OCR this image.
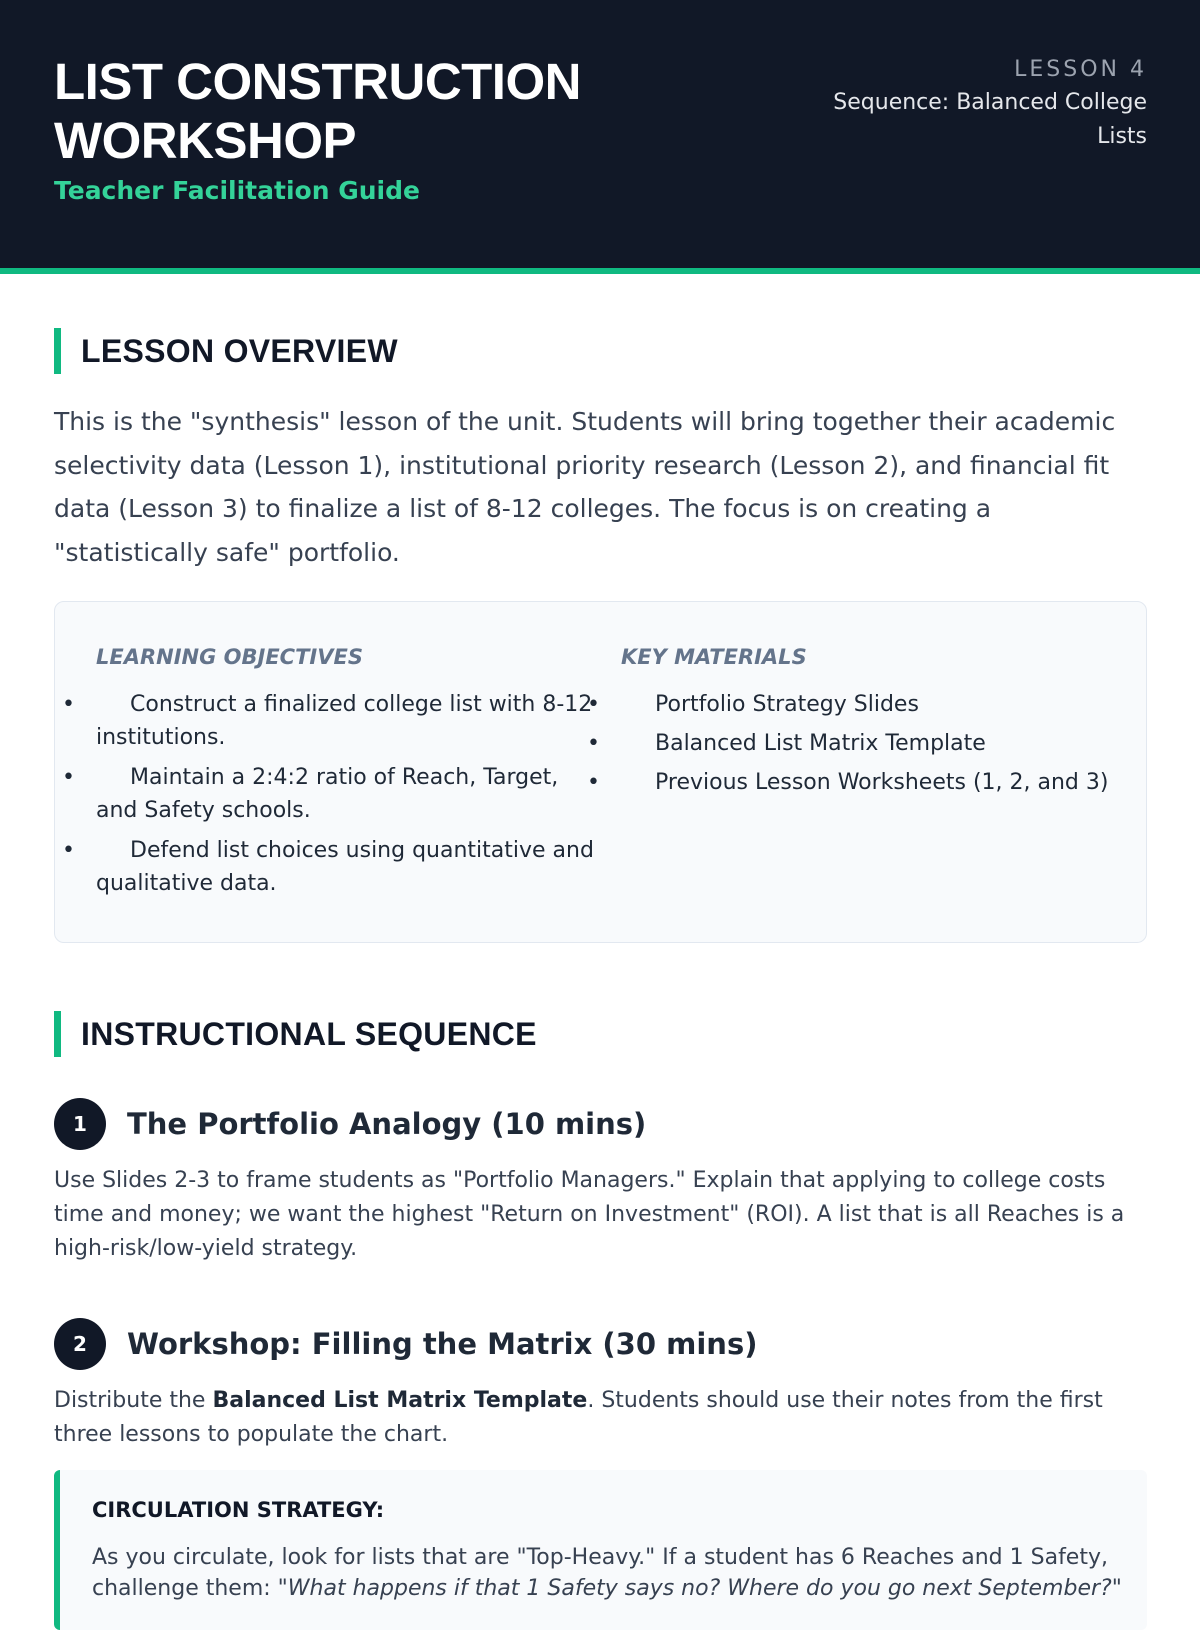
LIST CONSTRUCTION WORKSHOP
Teacher Facilitation Guide
LESSON 4
Sequence: Balanced College Lists
LESSON OVERVIEW

This is the "synthesis" lesson of the unit. Students will bring together their academic selectivity data (Lesson 1), institutional priority research (Lesson 2), and financial fit data (Lesson 3) to finalize a list of 8-12 colleges. The focus is on creating a "statistically safe" portfolio.

LEARNING OBJECTIVES
• Construct a finalized college list with 8-12 institutions.
• Maintain a 2:4:2 ratio of Reach, Target, and Safety schools.
• Defend list choices using quantitative and qualitative data.
KEY MATERIALS
• Portfolio Strategy Slides
• Balanced List Matrix Template
• Previous Lesson Worksheets (1, 2, and 3)
INSTRUCTIONAL SEQUENCE
1	The Portfolio Analogy (10 mins)

Use Slides 2-3 to frame students as "Portfolio Managers." Explain that applying to college costs time and money; we want the highest "Return on Investment" (ROI). A list that is all Reaches is a high-risk/low-yield strategy.

2	Workshop: Filling the Matrix (30 mins)

Distribute the Balanced List Matrix Template. Students should use their notes from the first three lessons to populate the chart.

CIRCULATION STRATEGY:

As you circulate, look for lists that are "Top-Heavy." If a student has 6 Reaches and 1 Safety, challenge them: "What happens if that 1 Safety says no? Where do you go next September?"
